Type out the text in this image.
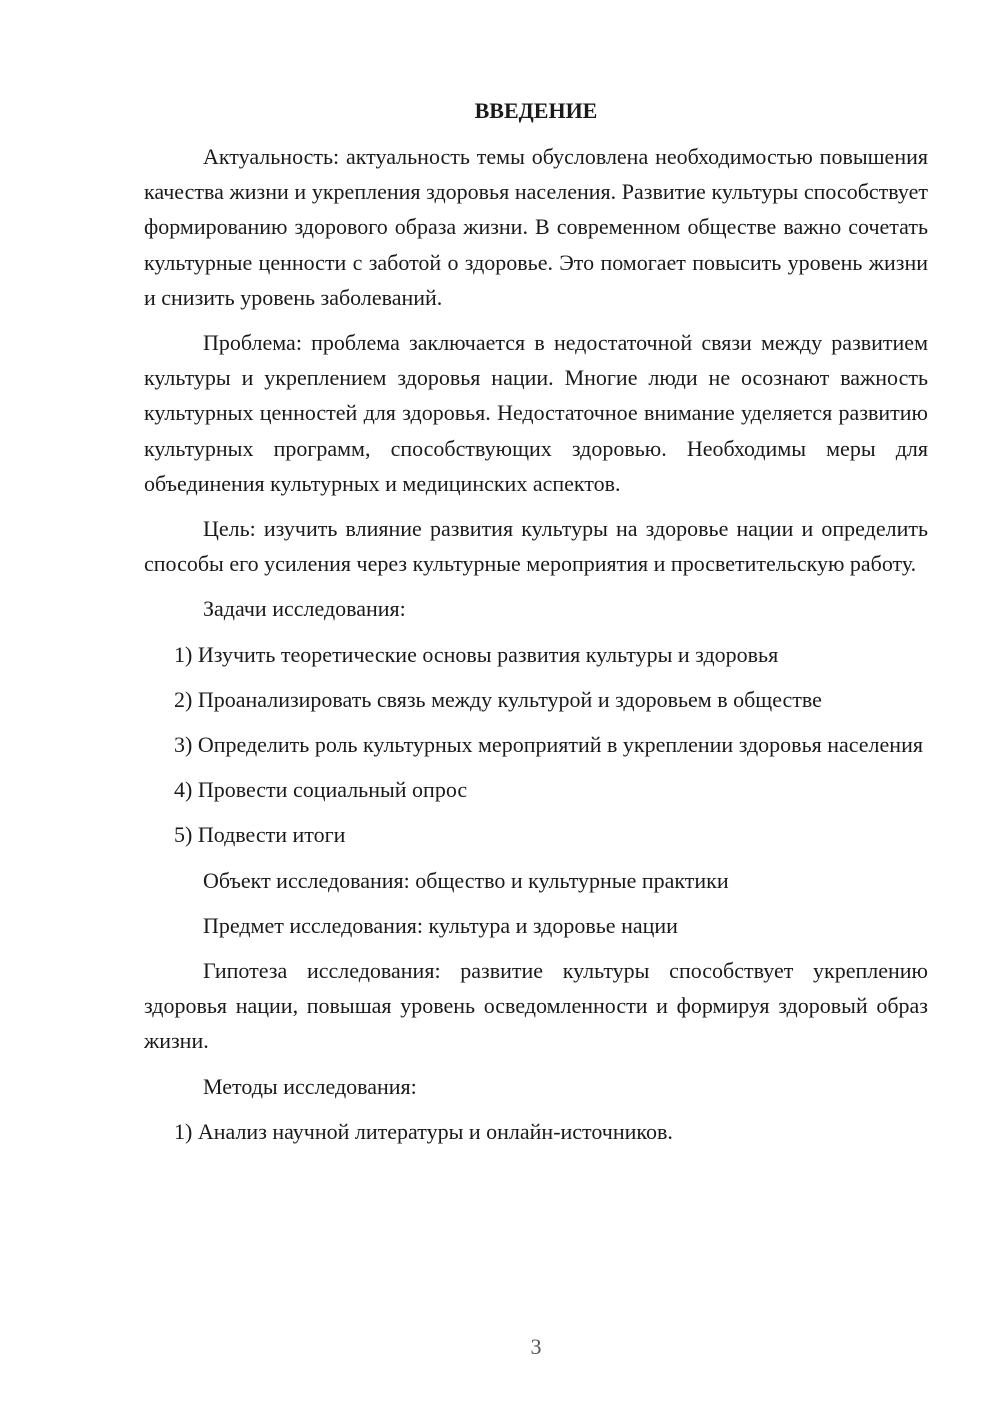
ВВЕДЕНИЕ

Актуальность: актуальность темы обусловлена необходимостью повышения качества жизни и укрепления здоровья населения. Развитие культуры способствует формированию здорового образа жизни. В современном обществе важно сочетать культурные ценности с заботой о здоровье. Это помогает повысить уровень жизни и снизить уровень заболеваний.

Проблема: проблема заключается в недостаточной связи между развитием культуры и укреплением здоровья нации. Многие люди не осознают важность культурных ценностей для здоровья. Недостаточное внимание уделяется развитию культурных программ, способствующих здоровью. Необходимы меры для объединения культурных и медицинских аспектов.

Цель: изучить влияние развития культуры на здоровье нации и определить способы его усиления через культурные мероприятия и просветительскую работу.

Задачи исследования:

1) Изучить теоретические основы развития культуры и здоровья

2) Проанализировать связь между культурой и здоровьем в обществе

3) Определить роль культурных мероприятий в укреплении здоровья населения

4) Провести социальный опрос

5) Подвести итоги

Объект исследования: общество и культурные практики

Предмет исследования: культура и здоровье нации

Гипотеза исследования: развитие культуры способствует укреплению здоровья нации, повышая уровень осведомленности и формируя здоровый образ жизни.

Методы исследования:

1) Анализ научной литературы и онлайн-источников.

3
